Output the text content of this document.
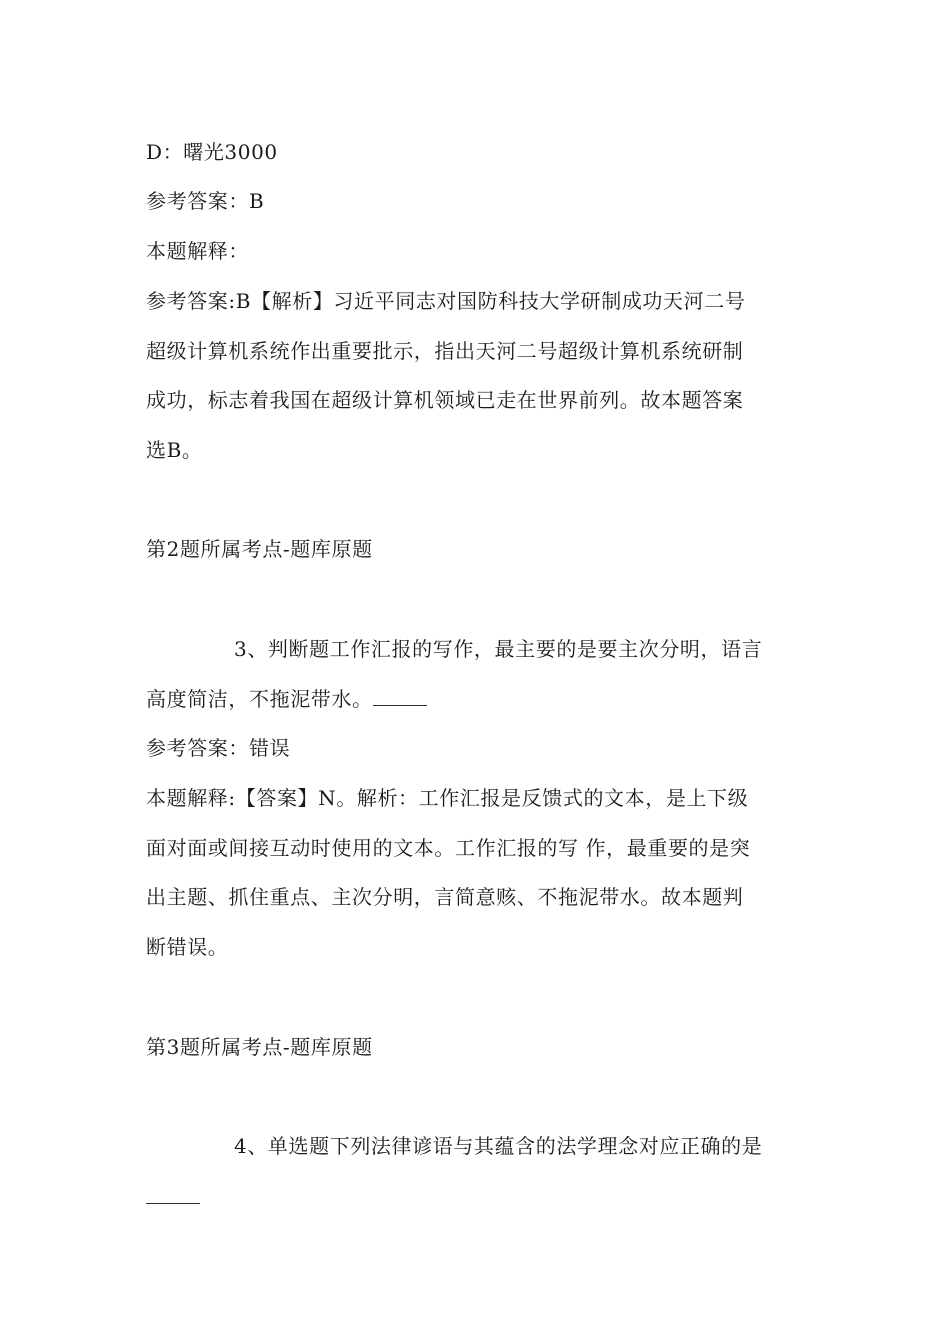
D：曙光3000
参考答案：B
本题解释：
参考答案:B【解析】习近平同志对国防科技大学研制成功天河二号
超级计算机系统作出重要批示，指出天河二号超级计算机系统研制
成功，标志着我国在超级计算机领域已走在世界前列。故本题答案
选B。
第2题所属考点-题库原题
3、判断题工作汇报的写作，最主要的是要主次分明，语言
高度简洁，不拖泥带水。
参考答案：错误
本题解释:【答案】N。解析：工作汇报是反馈式的文本，是上下级
面对面或间接互动时使用的文本。工作汇报的写 作，最重要的是突
出主题、抓住重点、主次分明，言简意赅、不拖泥带水。故本题判
断错误。
第3题所属考点-题库原题
4、单选题下列法律谚语与其蕴含的法学理念对应正确的是
